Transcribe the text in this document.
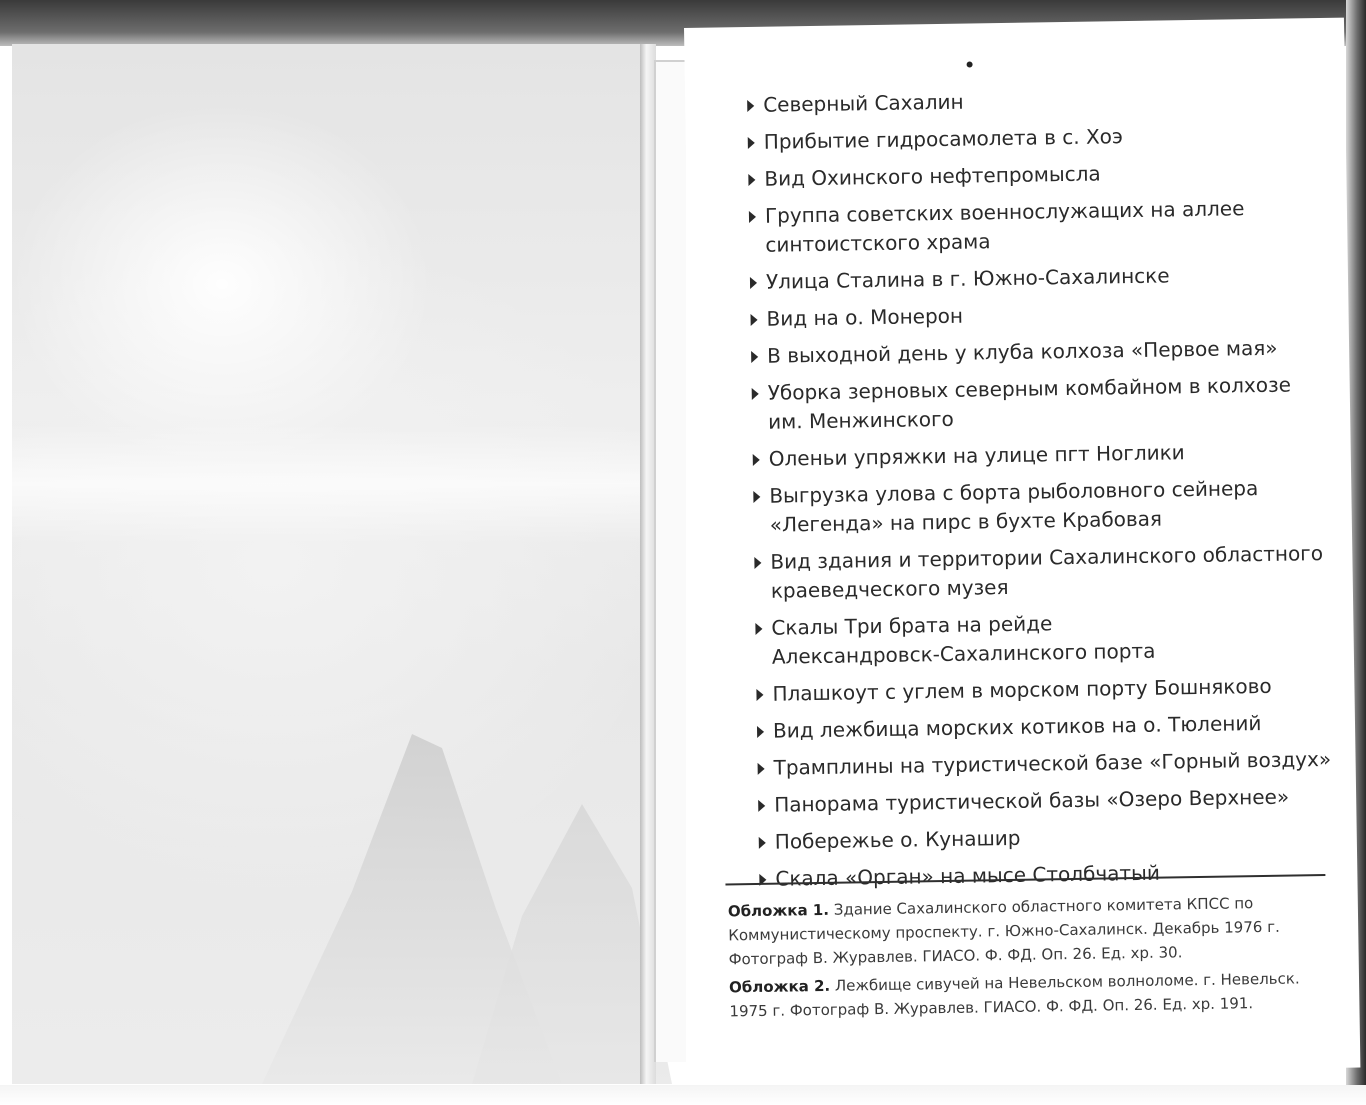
Северный Сахалин
Прибытие гидросамолета в с. Хоэ
Вид Охинского нефтепромысла
Группа советских военнослужащих на аллее
синтоистского храма
Улица Сталина в г. Южно-Сахалинске
Вид на о. Монерон
В выходной день у клуба колхоза «Первое мая»
Уборка зерновых северным комбайном в колхозе
им. Менжинского
Оленьи упряжки на улице пгт Ноглики
Выгрузка улова с борта рыболовного сейнера
«Легенда» на пирс в бухте Крабовая
Вид здания и территории Сахалинского областного
краеведческого музея
Скалы Три брата на рейде
Александровск-Сахалинского порта
Плашкоут с углем в морском порту Бошняково
Вид лежбища морских котиков на о. Тюлений
Трамплины на туристической базе «Горный воздух»
Панорама туристической базы «Озеро Верхнее»
Побережье о. Кунашир
Скала «Орган» на мысе Столбчатый

Обложка 1. Здание Сахалинского областного комитета КПСС по Коммунистическому проспекту. г. Южно-Сахалинск. Декабрь 1976 г. Фотограф В. Журавлев. ГИАСО. Ф. ФД. Оп. 26. Ед. хр. 30.

Обложка 2. Лежбище сивучей на Невельском волноломе. г. Невельск. 1975 г. Фотограф В. Журавлев. ГИАСО. Ф. ФД. Оп. 26. Ед. хр. 191.
